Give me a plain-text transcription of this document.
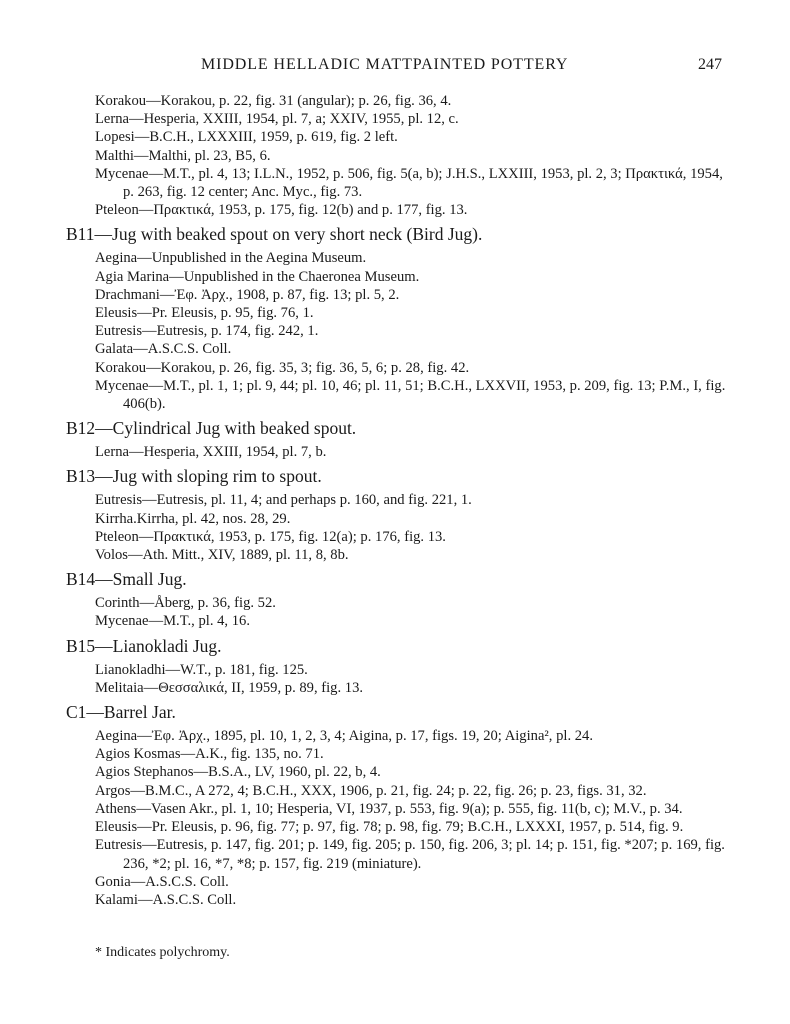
MIDDLE HELLADIC MATTPAINTED POTTERY	247
Korakou—Korakou, p. 22, fig. 31 (angular); p. 26, fig. 36, 4.
Lerna—Hesperia, XXIII, 1954, pl. 7, a; XXIV, 1955, pl. 12, c.
Lopesi—B.C.H., LXXXIII, 1959, p. 619, fig. 2 left.
Malthi—Malthi, pl. 23, B5, 6.
Mycenae—M.T., pl. 4, 13; I.L.N., 1952, p. 506, fig. 5(a, b); J.H.S., LXXIII, 1953, pl. 2, 3; Πρακτικά, 1954, p. 263, fig. 12 center; Anc. Myc., fig. 73.
Pteleon—Πρακτικά, 1953, p. 175, fig. 12(b) and p. 177, fig. 13.
B11—Jug with beaked spout on very short neck (Bird Jug).
Aegina—Unpublished in the Aegina Museum.
Agia Marina—Unpublished in the Chaeronea Museum.
Drachmani—Ἐφ. Ἀρχ., 1908, p. 87, fig. 13; pl. 5, 2.
Eleusis—Pr. Eleusis, p. 95, fig. 76, 1.
Eutresis—Eutresis, p. 174, fig. 242, 1.
Galata—A.S.C.S. Coll.
Korakou—Korakou, p. 26, fig. 35, 3; fig. 36, 5, 6; p. 28, fig. 42.
Mycenae—M.T., pl. 1, 1; pl. 9, 44; pl. 10, 46; pl. 11, 51; B.C.H., LXXVII, 1953, p. 209, fig. 13; P.M., I, fig. 406(b).
B12—Cylindrical Jug with beaked spout.
Lerna—Hesperia, XXIII, 1954, pl. 7, b.
B13—Jug with sloping rim to spout.
Eutresis—Eutresis, pl. 11, 4; and perhaps p. 160, and fig. 221, 1.
Kirrha.Kirrha, pl. 42, nos. 28, 29.
Pteleon—Πρακτικά, 1953, p. 175, fig. 12(a); p. 176, fig. 13.
Volos—Ath. Mitt., XIV, 1889, pl. 11, 8, 8b.
B14—Small Jug.
Corinth—Åberg, p. 36, fig. 52.
Mycenae—M.T., pl. 4, 16.
B15—Lianokladi Jug.
Lianokladhi—W.T., p. 181, fig. 125.
Melitaia—Θεσσαλικά, II, 1959, p. 89, fig. 13.
C1—Barrel Jar.
Aegina—Ἐφ. Ἀρχ., 1895, pl. 10, 1, 2, 3, 4; Aigina, p. 17, figs. 19, 20; Aigina², pl. 24.
Agios Kosmas—A.K., fig. 135, no. 71.
Agios Stephanos—B.S.A., LV, 1960, pl. 22, b, 4.
Argos—B.M.C., A 272, 4; B.C.H., XXX, 1906, p. 21, fig. 24; p. 22, fig. 26; p. 23, figs. 31, 32.
Athens—Vasen Akr., pl. 1, 10; Hesperia, VI, 1937, p. 553, fig. 9(a); p. 555, fig. 11(b, c); M.V., p. 34.
Eleusis—Pr. Eleusis, p. 96, fig. 77; p. 97, fig. 78; p. 98, fig. 79; B.C.H., LXXXI, 1957, p. 514, fig. 9.
Eutresis—Eutresis, p. 147, fig. 201; p. 149, fig. 205; p. 150, fig. 206, 3; pl. 14; p. 151, fig. *207; p. 169, fig. 236, *2; pl. 16, *7, *8; p. 157, fig. 219 (miniature).
Gonia—A.S.C.S. Coll.
Kalami—A.S.C.S. Coll.
* Indicates polychromy.
